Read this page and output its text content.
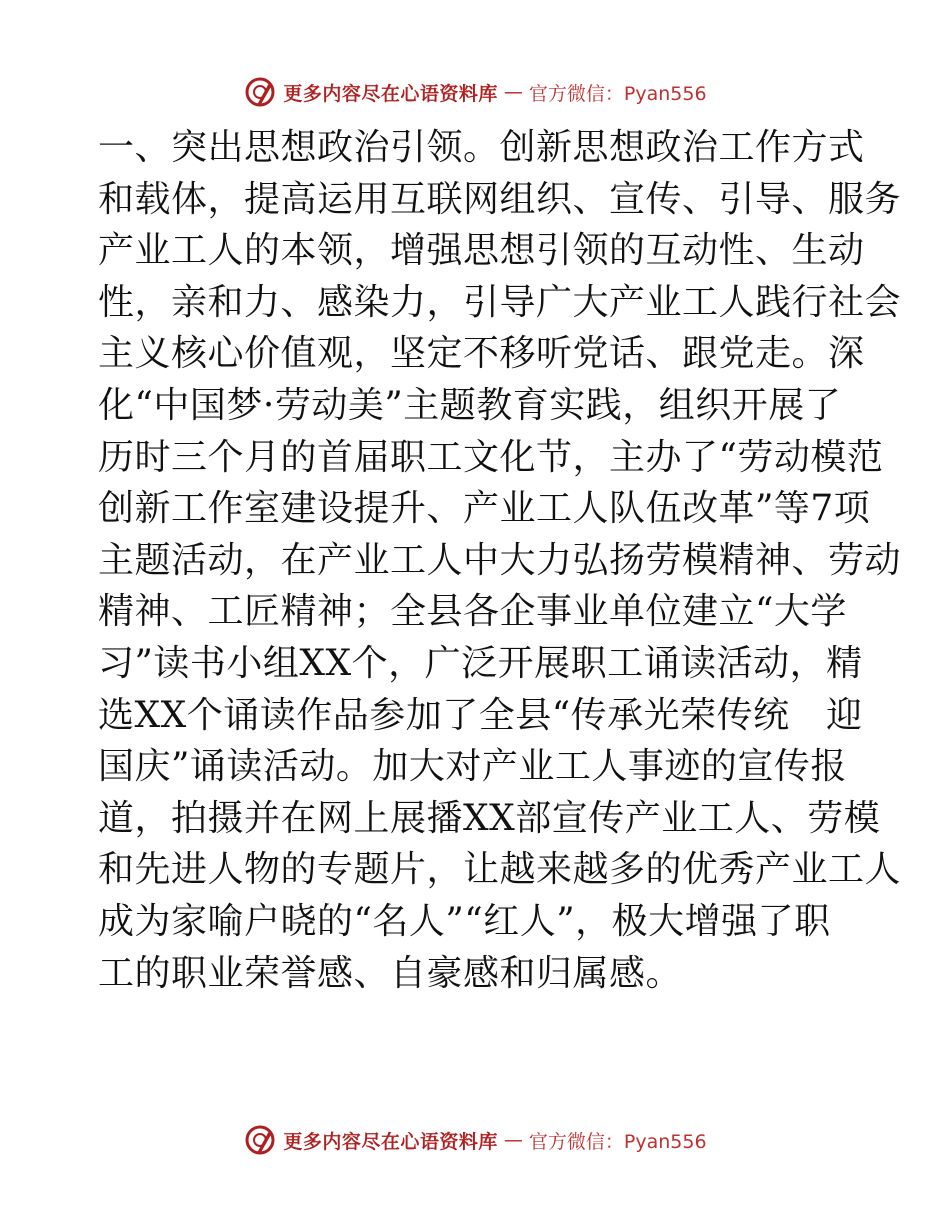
更多内容尽在心语资料库 — 官方微信：Pyan556
一、突出思想政治引领。创新思想政治工作方式
和载体，提高运用互联网组织、宣传、引导、服务
产业工人的本领，增强思想引领的互动性、生动
性，亲和力、感染力，引导广大产业工人践行社会
主义核心价值观，坚定不移听党话、跟党走。深
化“中国梦·劳动美”主题教育实践，组织开展了
历时三个月的首届职工文化节，主办了“劳动模范
创新工作室建设提升、产业工人队伍改革”等7项
主题活动，在产业工人中大力弘扬劳模精神、劳动
精神、工匠精神；全县各企事业单位建立“大学
习”读书小组XX个，广泛开展职工诵读活动，精
选XX个诵读作品参加了全县“传承光荣传统　迎
国庆”诵读活动。加大对产业工人事迹的宣传报
道，拍摄并在网上展播XX部宣传产业工人、劳模
和先进人物的专题片，让越来越多的优秀产业工人
成为家喻户晓的“名人”“红人”，极大增强了职
工的职业荣誉感、自豪感和归属感。
更多内容尽在心语资料库 — 官方微信：Pyan556
